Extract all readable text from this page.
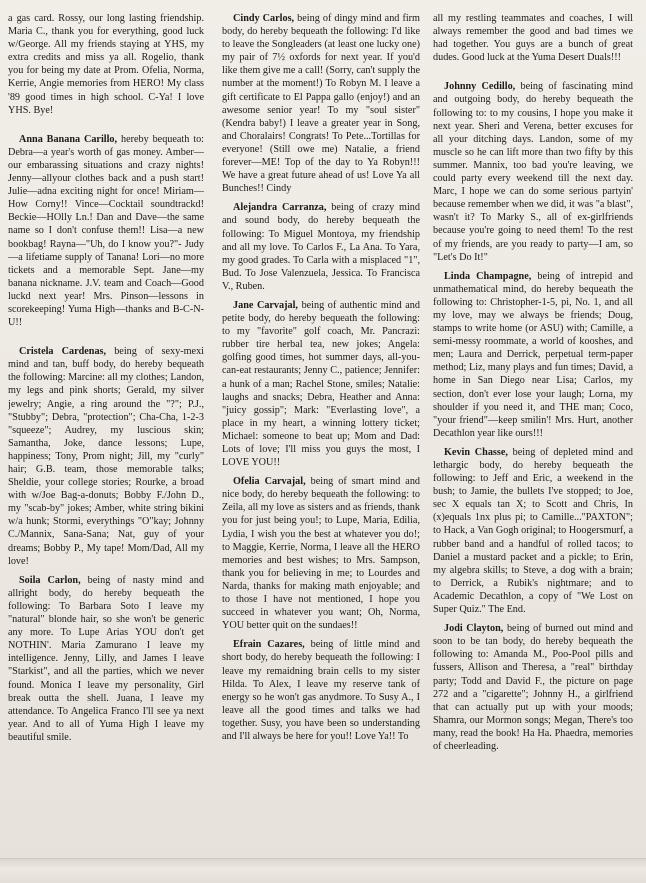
a gas card. Rossy, our long lasting friendship. Maria C., thank you for everything, good luck w/George. All my friends staying at YHS, my extra credits and miss ya all. Rogelio, thank you for being my date at Prom. Ofelia, Norma, Kerrie, Angie memories from HERO! My class '89 good times in high school. C-Ya! I love YHS. Bye!

Anna Banana Carillo, hereby bequeath to: Debra—a year's worth of gas money. Amber—our embarassing situations and crazy nights! Jenny—allyour clothes back and a push start! Julie—adna exciting night for once! Miriam—How Corny!! Vince—Cocktail soundtrackd! Beckie—HOlly Ln.! Dan and Dave—the same name so I don't confuse them!! Lisa—a new bookbag! Rayna—"Uh, do I know you?"- Judy—a lifetiame supply of Tanana! Lori—no more tickets and a memorable Sept. Jane—my banana nickname. J.V. team and Coach—Good luckd next year! Mrs. Pinson—lessons in scorekeeping! Yuma High—thanks and B-C-N-U!!

Cristela Cardenas, being of sexy-mexi mind and tan, buff body, do hereby bequeath the following: Marcine: all my clothes; Landon, my legs and pink shorts; Gerald, my silver jewelry; Angie, a ring around the "?"; P.J., "Stubby"; Debra, "protection"; Cha-Cha, 1-2-3 "squeeze"; Audrey, my luscious skin; Samantha, Joke, dance lessons; Lupe, happiness; Tony, Prom night; Jill, my "curly" hair; G.B. team, those memorable talks; Sheldie, your college stories; Rourke, a broad with w/Joe Bag-a-donuts; Bobby F./John D., my "scab-by" jokes; Amber, white string bikini w/a hunk; Stormi, everythings "O"kay; Johnny C./Mannix, Sana-Sana; Nat, guy of your dreams; Bobby P., My tape! Mom/Dad, All my love!

Soila Carlon, being of nasty mind and allright body, do hereby bequeath the following: To Barbara Soto I leave my "natural" blonde hair, so she won't be generic any more. To Lupe Arias YOU don't get NOTHIN'. Maria Zamurano I leave my intelligence. Jenny, Lilly, and James I leave "Starkist", and all the parties, which we never found. Monica I leave my personality, Girl break outta the shell. Juana, I leave my attendance. To Angelica Franco I'll see ya next year. And to all of Yuma High I leave my beautiful smile.

Cindy Carlos, being of dingy mind and firm body, do hereby bequeath the following: I'd like to leave the Songleaders (at least one lucky one) my pair of 7½ oxfords for next year. If you'd like them give me a call! (Sorry, can't supply the number at the moment!) To Robyn M. I leave a gift certificate to El Pappa gallo (enjoy!) and an awesome senior year! To my "soul sister" (Kendra baby!) I leave a greater year in Song, and Choralairs! Congrats! To Pete...Tortillas for everyone! (Still owe me) Natalie, a friend forever—ME! Top of the day to Ya Robyn!!! We have a great future ahead of us! Love Ya all Bunches!! Cindy

Alejandra Carranza, being of crazy mind and sound body, do hereby bequeath the following: To Miguel Montoya, my friendship and all my love. To Carlos F., La Ana. To Yara, my good grades. To Carla with a misplaced "1", Bud. To Jose Valenzuela, Jessica. To Francisca V., Ruben.

Jane Carvajal, being of authentic mind and petite body, do hereby bequeath the following: to my "favorite" golf coach, Mr. Pancrazi: rubber tire herbal tea, new jokes; Angela: golfing good times, hot summer days, all-you-can-eat restaurants; Jenny C., patience; Jennifer: a hunk of a man; Rachel Stone, smiles; Natalie: laughs and snacks; Debra, Heather and Anna: "juicy gossip"; Mark: "Everlasting love", a place in my heart, a winning lottery ticket; Michael: someone to beat up; Mom and Dad: Lots of love; I'll miss you guys the most, I LOVE YOU!!

Ofelia Carvajal, being of smart mind and nice body, do hereby bequeath the following: to Zeila, all my love as sisters and as friends, thank you for just being you!; to Lupe, Maria, Edilia, Lydia, I wish you the best at whatever you do!; to Maggie, Kerrie, Norma, I leave all the HERO memories and best wishes; to Mrs. Sampson, thank you for believing in me; to Lourdes and Narda, thanks for making math enjoyable; and to those I have not mentioned, I hope you succeed in whatever you want; Oh, Norma, YOU better quit on the sundaes!!

Efrain Cazares, being of little mind and short body, do hereby bequeath the following: I leave my remaidning brain cells to my sister Hilda. To Alex, I leave my reserve tank of energy so he won't gas anydmore. To Susy A., I leave all the good times and talks we had together. Susy, you have been so understanding and I'll always be here for you!! Love Ya!! To

all my restling teammates and coaches, I will always remember the good and bad times we had together. You guys are a bunch of great dudes. Good luck at the Yuma Desert Duals!!!

Johnny Cedillo, being of fascinating mind and outgoing body, do hereby bequeath the following to: to my cousins, I hope you make it next year. Sheri and Verena, better excuses for all your ditching days. Landon, some of my muscle so he can lift more than two fifty by this summer. Mannix, too bad you're leaving, we could party every weekend till the next day. Marc, I hope we can do some serious partyin' because remember when we did, it was "a blast", wasn't it? To Marky S., all of ex-girlfriends because you're going to need them! To the rest of my friends, are you ready to party—I am, so "Let's Do It!"

Linda Champagne, being of intrepid and unmathematical mind, do hereby bequeath the following to: Christopher-1-5, pi, No. 1, and all my love, may we always be friends; Doug, stamps to write home (or ASU) with; Camille, a semi-messy roommate, a world of kooshes, and men; Laura and Derrick, perpetual term-paper method; Liz, many plays and fun times; David, a home in San Diego near Lisa; Carlos, my section, don't ever lose your laugh; Lorna, my shoulder if you need it, and THE man; Coco, "your friend"—keep smilin'! Mrs. Hurt, another Decathlon year like ours!!!

Kevin Chasse, being of depleted mind and lethargic body, do hereby bequeath the following: to Jeff and Eric, a weekend in the bush; to Jamie, the bullets I've stopped; to Joe, sec X equals tan X; to Scott and Chris, In (x)equals 1nx plus pi; to Camille..."PAXTON"; to Hack, a Van Gogh original; to Hoogersmurf, a rubber band and a handful of rolled tacos; to Daniel a mustard packet and a pickle; to Erin, my algebra skills; to Steve, a dog with a brain; to Derrick, a Rubik's nightmare; and to Academic Decathlon, a copy of "We Lost on Super Quiz." The End.

Jodi Clayton, being of burned out mind and soon to be tan body, do hereby bequeath the following to: Amanda M., Poo-Pool pills and fussers, Allison and Theresa, a "real" birthday party; Todd and David F., the picture on page 272 and a "cigarette"; Johnny H., a girlfriend that can actually put up with your moods; Shamra, our Mormon songs; Megan, There's too many, read the book! Ha Ha. Phaedra, memories of cheerleading.
